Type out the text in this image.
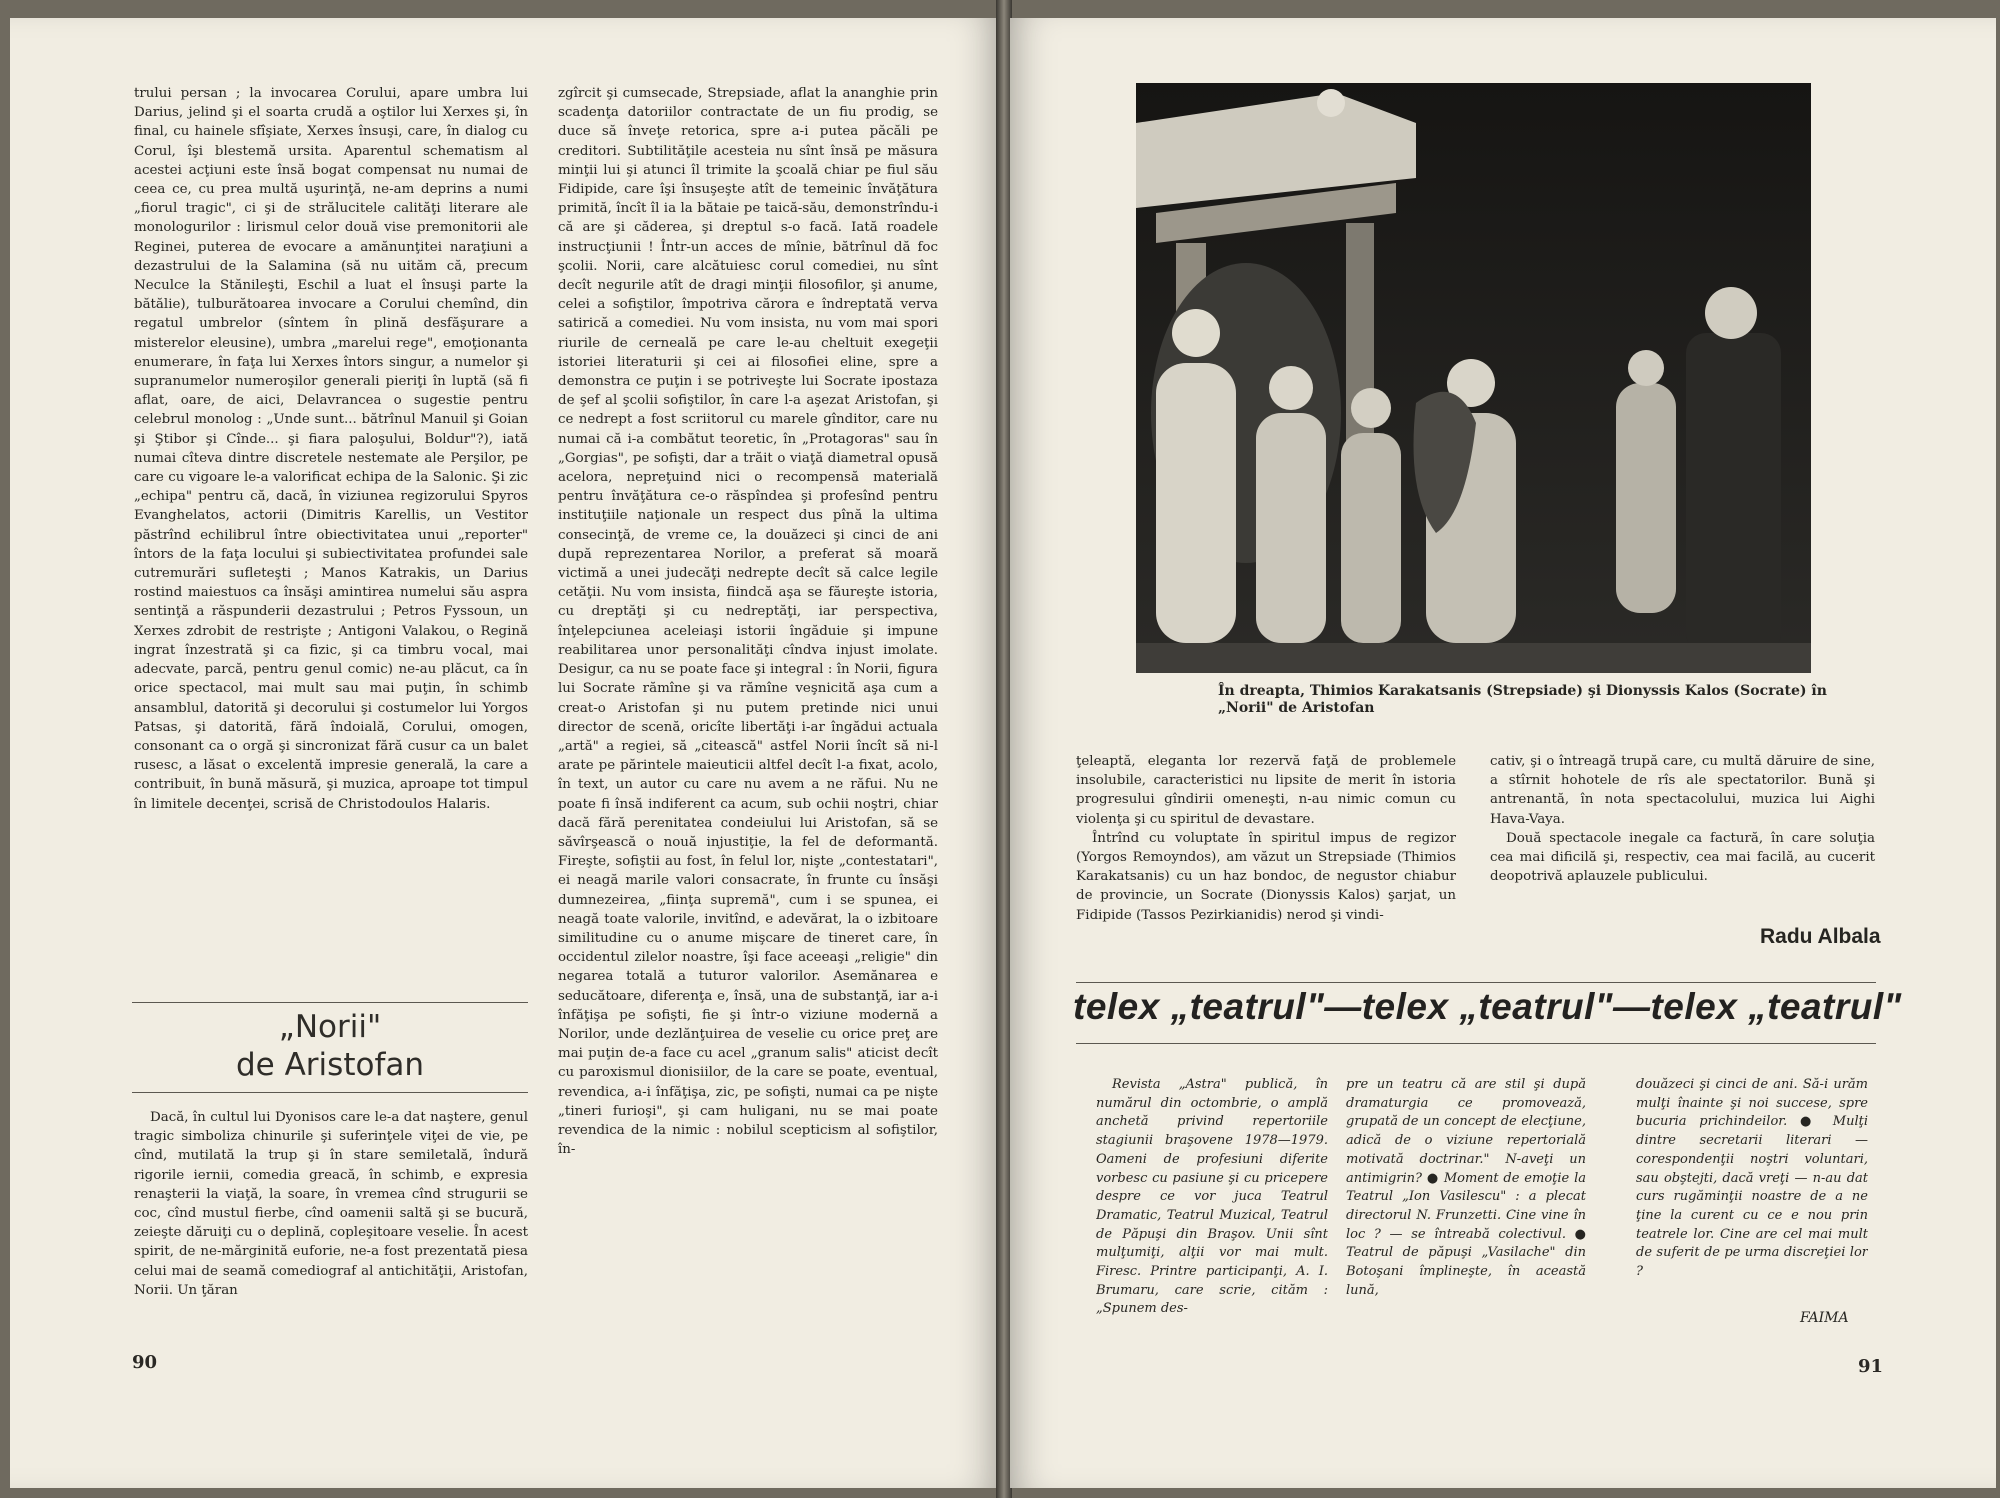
trului persan ; la invocarea Corului, apare umbra lui Darius, jelind şi el soarta crudă a oştilor lui Xerxes şi, în final, cu hainele sfîşiate, Xerxes însuşi, care, în dialog cu Corul, îşi blestemă ursita. Aparentul schematism al acestei acţiuni este însă bogat compensat nu numai de ceea ce, cu prea multă uşurinţă, ne-am deprins a numi „fiorul tragic", ci şi de strălucitele calităţi literare ale monologurilor : lirismul celor două vise premonitorii ale Reginei, puterea de evocare a amănunţitei naraţiuni a dezastrului de la Salamina (să nu uităm că, precum Neculce la Stănileşti, Eschil a luat el însuşi parte la bătălie), tulburătoarea invocare a Corului chemînd, din regatul umbrelor (sîntem în plină desfăşurare a misterelor eleusine), umbra „marelui rege", emoţionanta enumerare, în faţa lui Xerxes întors singur, a numelor şi supranumelor numeroşilor generali pieriţi în luptă (să fi aflat, oare, de aici, Delavrancea o sugestie pentru celebrul monolog : „Unde sunt... bătrînul Manuil şi Goian şi Ştibor şi Cînde... şi fiara paloşului, Boldur"?), iată numai cîteva dintre discretele nestemate ale Perşilor, pe care cu vigoare le-a valorificat echipa de la Salonic. Şi zic „echipa" pentru că, dacă, în viziunea regizorului Spyros Evanghelatos, actorii (Dimitris Karellis, un Vestitor păstrînd echilibrul între obiectivitatea unui „reporter" întors de la faţa locului şi subiectivitatea profundei sale cutremurări sufleteşti ; Manos Katrakis, un Darius rostind maiestuos ca însăşi amintirea numelui său aspra sentinţă a răspunderii dezastrului ; Petros Fyssoun, un Xerxes zdrobit de restrişte ; Antigoni Valakou, o Regină ingrat înzestrată şi ca fizic, şi ca timbru vocal, mai adecvate, parcă, pentru genul comic) ne-au plăcut, ca în orice spectacol, mai mult sau mai puţin, în schimb ansamblul, datorită şi decorului şi costumelor lui Yorgos Patsas, şi datorită, fără îndoială, Corului, omogen, consonant ca o orgă şi sincronizat fără cusur ca un balet rusesc, a lăsat o excelentă impresie generală, la care a contribuit, în bună măsură, şi muzica, aproape tot timpul în limitele decenţei, scrisă de Christodoulos Halaris.

„Norii"
de Aristofan

Dacă, în cultul lui Dyonisos care le-a dat naştere, genul tragic simboliza chinurile şi suferinţele viţei de vie, pe cînd, mutilată la trup şi în stare semiletală, îndură rigorile iernii, comedia greacă, în schimb, e expresia renaşterii la viaţă, la soare, în vremea cînd strugurii se coc, cînd mustul fierbe, cînd oamenii saltă şi se bucură, zeieşte dăruiţi cu o deplină, copleşitoare veselie. În acest spirit, de ne-mărginită euforie, ne-a fost prezentată piesa celui mai de seamă comediograf al antichităţii, Aristofan, Norii. Un ţăran

zgîrcit şi cumsecade, Strepsiade, aflat la ananghie prin scadenţa datoriilor contractate de un fiu prodig, se duce să înveţe retorica, spre a-i putea păcăli pe creditori. Subtilităţile acesteia nu sînt însă pe măsura minţii lui şi atunci îl trimite la şcoală chiar pe fiul său Fidipide, care îşi însuşeşte atît de temeinic învăţătura primită, încît îl ia la bătaie pe taică-său, demonstrîndu-i că are şi căderea, şi dreptul s-o facă. Iată roadele instrucţiunii ! Într-un acces de mînie, bătrînul dă foc şcolii. Norii, care alcătuiesc corul comediei, nu sînt decît negurile atît de dragi minţii filosofilor, şi anume, celei a sofiştilor, împotriva cărora e îndreptată verva satirică a comediei. Nu vom insista, nu vom mai spori riurile de cerneală pe care le-au cheltuit exegeţii istoriei literaturii şi cei ai filosofiei eline, spre a demonstra ce puţin i se potriveşte lui Socrate ipostaza de şef al şcolii sofiştilor, în care l-a aşezat Aristofan, şi ce nedrept a fost scriitorul cu marele gînditor, care nu numai că i-a combătut teoretic, în „Protagoras" sau în „Gorgias", pe sofişti, dar a trăit o viaţă diametral opusă acelora, nepreţuind nici o recompensă materială pentru învăţătura ce-o răspîndea şi profesînd pentru instituţiile naţionale un respect dus pînă la ultima consecinţă, de vreme ce, la douăzeci şi cinci de ani după reprezentarea Norilor, a preferat să moară victimă a unei judecăţi nedrepte decît să calce legile cetăţii. Nu vom insista, fiindcă aşa se făureşte istoria, cu dreptăţi şi cu nedreptăţi, iar perspectiva, înţelepciunea aceleiaşi istorii îngăduie şi impune reabilitarea unor personalităţi cîndva injust imolate. Desigur, ca nu se poate face şi integral : în Norii, figura lui Socrate rămîne şi va rămîne veşnicită aşa cum a creat-o Aristofan şi nu putem pretinde nici unui director de scenă, oricîte libertăţi i-ar îngădui actuala „artă" a regiei, să „citească" astfel Norii încît să ni-l arate pe părintele maieuticii altfel decît l-a fixat, acolo, în text, un autor cu care nu avem a ne răfui. Nu ne poate fi însă indiferent ca acum, sub ochii noştri, chiar dacă fără perenitatea condeiului lui Aristofan, să se săvîrşească o nouă injustiţie, la fel de deformantă. Fireşte, sofiştii au fost, în felul lor, nişte „contestatari", ei neagă marile valori consacrate, în frunte cu însăşi dumnezeirea, „fiinţa supremă", cum i se spunea, ei neagă toate valorile, invitînd, e adevărat, la o izbitoare similitudine cu o anume mişcare de tineret care, în occidentul zilelor noastre, îşi face aceeaşi „religie" din negarea totală a tuturor valorilor. Asemănarea e seducătoare, diferenţa e, însă, una de substanţă, iar a-i înfăţişa pe sofişti, fie şi într-o viziune modernă a Norilor, unde dezlănţuirea de veselie cu orice preţ are mai puţin de-a face cu acel „granum salis" aticist decît cu paroxismul dionisiilor, de la care se poate, eventual, revendica, a-i înfăţişa, zic, pe sofişti, numai ca pe nişte „tineri furioşi", şi cam huligani, nu se mai poate revendica de la nimic : nobilul scepticism al sofiştilor, în-

90
În dreapta, Thimios Karakatsanis (Strepsiade) şi Dionyssis Kalos (Socrate) în „Norii" de Aristofan

ţeleaptă, eleganta lor rezervă faţă de problemele insolubile, caracteristici nu lipsite de merit în istoria progresului gîndirii omeneşti, n-au nimic comun cu violenţa şi cu spiritul de devastare.

Întrînd cu voluptate în spiritul impus de regizor (Yorgos Remoyndos), am văzut un Strepsiade (Thimios Karakatsanis) cu un haz bondoc, de negustor chiabur de provincie, un Socrate (Dionyssis Kalos) şarjat, un Fidipide (Tassos Pezirkianidis) nerod şi vindi-

cativ, şi o întreagă trupă care, cu multă dăruire de sine, a stîrnit hohotele de rîs ale spectatorilor. Bună şi antrenantă, în nota spectacolului, muzica lui Aighi Hava-Vaya.

Două spectacole inegale ca factură, în care soluţia cea mai dificilă şi, respectiv, cea mai facilă, au cucerit deopotrivă aplauzele publicului.

Radu Albala
telex „teatrul"—telex „teatrul"—telex „teatrul"

Revista „Astra" publică, în numărul din octombrie, o amplă anchetă privind repertoriile stagiunii braşovene 1978—1979. Oameni de profesiuni diferite vorbesc cu pasiune şi cu pricepere despre ce vor juca Teatrul Dramatic, Teatrul Muzical, Teatrul de Păpuşi din Braşov. Unii sînt mulţumiţi, alţii vor mai mult. Firesc. Printre participanţi, A. I. Brumaru, care scrie, cităm : „Spunem des-

pre un teatru că are stil şi după dramaturgia ce promovează, grupată de un concept de elecţiune, adică de o viziune repertorială motivată doctrinar." N-aveţi un antimigrin? ● Moment de emoţie la Teatrul „Ion Vasilescu" : a plecat directorul N. Frunzetti. Cine vine în loc ? — se întreabă colectivul. ● Teatrul de păpuşi „Vasilache" din Botoşani împlineşte, în această lună,

douăzeci şi cinci de ani. Să-i urăm mulţi înainte şi noi succese, spre bucuria prichindeilor. ● Mulţi dintre secretarii literari — corespondenţii noştri voluntari, sau obştejti, dacă vreţi — n-au dat curs rugăminţii noastre de a ne ţine la curent cu ce e nou prin teatrele lor. Cine are cel mai mult de suferit de pe urma discreţiei lor ?

FAIMA
91
